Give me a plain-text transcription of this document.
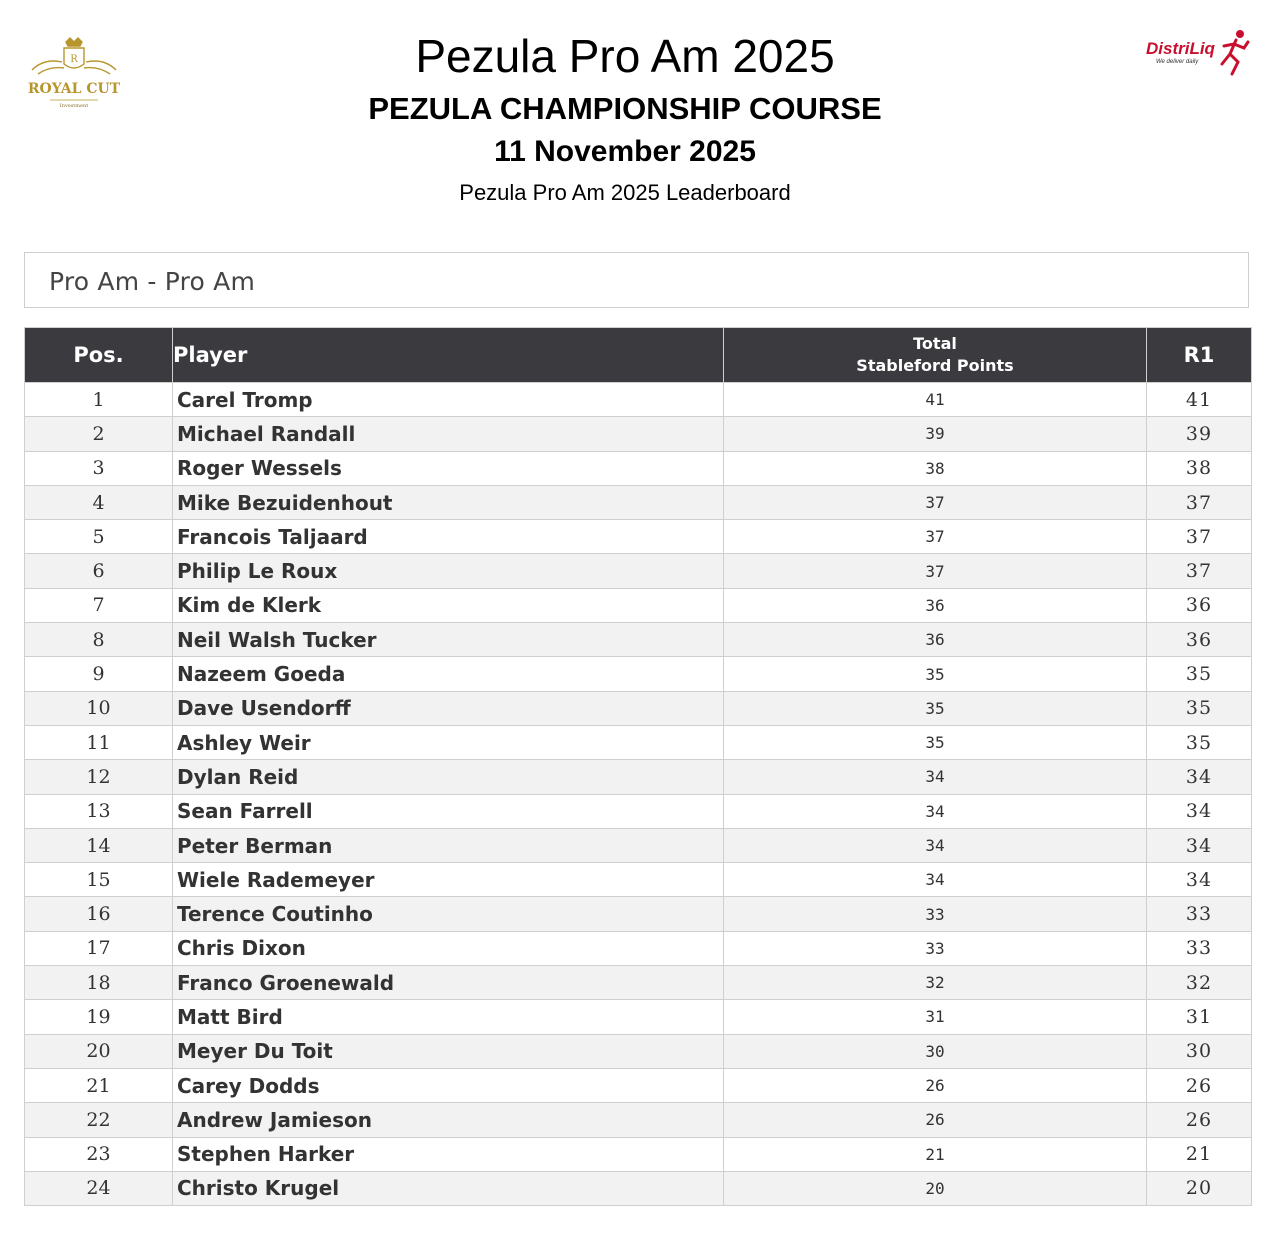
R
ROYAL CUT
Investment
DistriLiq
We deliver daily
Pezula Pro Am 2025
PEZULA CHAMPIONSHIP COURSE
11 November 2025
Pezula Pro Am 2025 Leaderboard
Pro Am - Pro Am
Pos.	Player	Total
Stableford Points	R1
1	Carel Tromp	41	41
2	Michael Randall	39	39
3	Roger Wessels	38	38
4	Mike Bezuidenhout	37	37
5	Francois Taljaard	37	37
6	Philip Le Roux	37	37
7	Kim de Klerk	36	36
8	Neil Walsh Tucker	36	36
9	Nazeem Goeda	35	35
10	Dave Usendorff	35	35
11	Ashley Weir	35	35
12	Dylan Reid	34	34
13	Sean Farrell	34	34
14	Peter Berman	34	34
15	Wiele Rademeyer	34	34
16	Terence Coutinho	33	33
17	Chris Dixon	33	33
18	Franco Groenewald	32	32
19	Matt Bird	31	31
20	Meyer Du Toit	30	30
21	Carey Dodds	26	26
22	Andrew Jamieson	26	26
23	Stephen Harker	21	21
24	Christo Krugel	20	20
